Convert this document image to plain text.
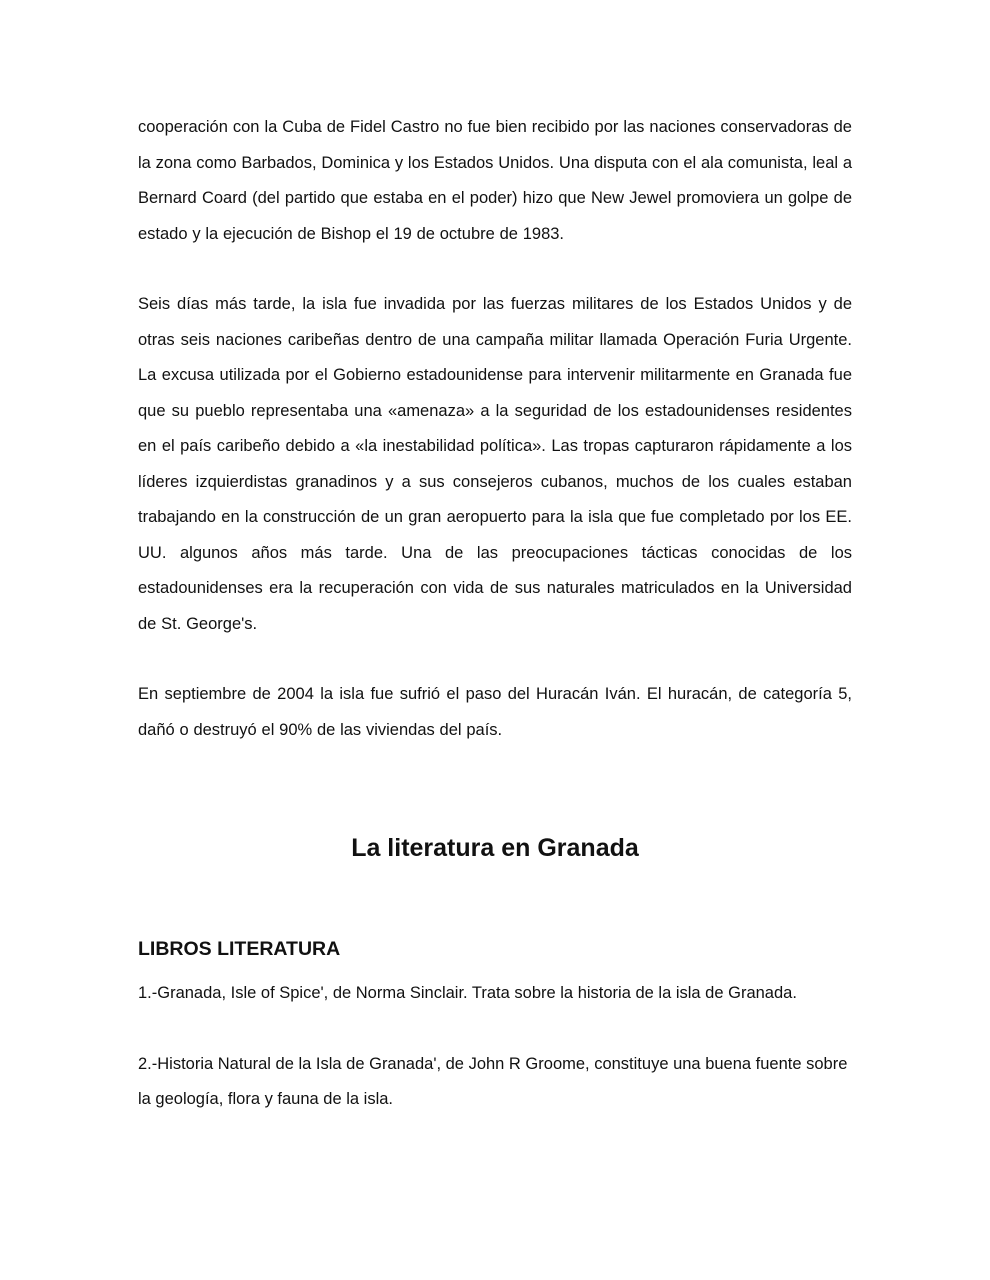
cooperación con la Cuba de Fidel Castro no fue bien recibido por las naciones conservadoras de la zona como Barbados, Dominica y los Estados Unidos. Una disputa con el ala comunista, leal a Bernard Coard (del partido que estaba en el poder) hizo que New Jewel promoviera un golpe de estado y la ejecución de Bishop el 19 de octubre de 1983.

Seis días más tarde, la isla fue invadida por las fuerzas militares de los Estados Unidos y de otras seis naciones caribeñas dentro de una campaña militar llamada Operación Furia Urgente. La excusa utilizada por el Gobierno estadounidense para intervenir militarmente en Granada fue que su pueblo representaba una «amenaza» a la seguridad de los estadounidenses residentes en el país caribeño debido a «la inestabilidad política». Las tropas capturaron rápidamente a los líderes izquierdistas granadinos y a sus consejeros cubanos, muchos de los cuales estaban trabajando en la construcción de un gran aeropuerto para la isla que fue completado por los EE. UU. algunos años más tarde. Una de las preocupaciones tácticas conocidas de los estadounidenses era la recuperación con vida de sus naturales matriculados en la Universidad de St. George's.

En septiembre de 2004 la isla fue sufrió el paso del Huracán Iván. El huracán, de categoría 5, dañó o destruyó el 90% de las viviendas del país.

La literatura en Granada
LIBROS LITERATURA

1.-Granada, Isle of Spice', de Norma Sinclair. Trata sobre la historia de la isla de Granada.

2.-Historia Natural de la Isla de Granada', de John R Groome, constituye una buena fuente sobre la geología, flora y fauna de la isla.
